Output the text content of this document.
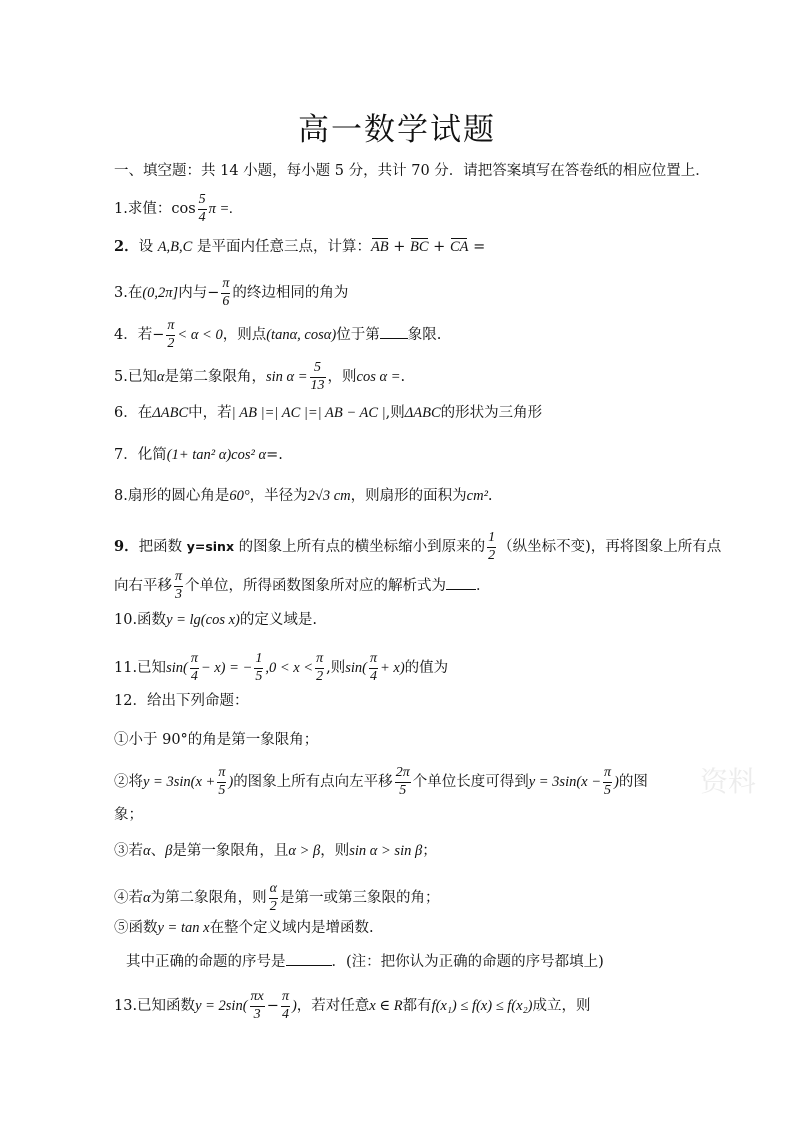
高一数学试题
一、填空题：共 14 小题，每小题 5 分，共计 70 分．请把答案填写在答卷纸的相应位置上．
1.求值：$\cos \frac{5}{4}$ π =.
2．设 A,B,C 是平面内任意三点，计算：AB + BC + CA =
3.在(0,2π]内与− $\frac{\pi}{6}$ 的终边相同的角为
4．若− $\frac{\pi}{2} < \alpha < 0$，则点(tanα, cosα)位于第 象限.
5.已知α是第二象限角，$\sin \alpha = \frac{5}{13}$ ，则cos α =.
6．在ΔABC中，若| AB |=| AC |=| AB − AC |,则ΔABC的形状为三角形
7．化简(1+ tan² α)cos² α=.
8.扇形的圆心角是60°，半径为2√3 cm，则扇形的面积为cm².
9．把函数 y=sinx 的图象上所有点的横坐标缩小到原来的 $\frac{1}{2}$ （纵坐标不变)，再将图象上所有点
向右平移 $\frac{\pi}{3}$ 个单位，所得函数图象所对应的解析式为 ．
10.函数y = lg(cos x)的定义域是.
11.已知$\sin( \frac{\pi}{4} - x)$ = − $\frac{1}{5} ,0 < x < \frac{\pi}{2}$ ,则$\sin( \frac{\pi}{4} + x)$的值为
12．给出下列命题：
①小于 90°的角是第一象限角；
②将$y = 3\sin(x + \frac{\pi}{5}$ )的图象上所有点向左平移 $\frac{2\pi}{5}$ 个单位长度可得到$y = 3\sin(x - \frac{\pi}{5}$ )的图
象；
③若α、β是第一象限角，且α > β，则sin α > sin β；
④若α为第二象限角，则 $\frac{\alpha}{2}$ 是第一或第三象限的角；
⑤函数y = tan x在整个定义域内是增函数.
其中正确的命题的序号是	．(注：把你认为正确的命题的序号都填上)
13.已知函数$y = 2\sin( \frac{\pi x}{3} - \frac{\pi}{4}$ )，若对任意x ∈ R都有f(x₁) ≤ f(x) ≤ f(x₂)成立，则
资料
